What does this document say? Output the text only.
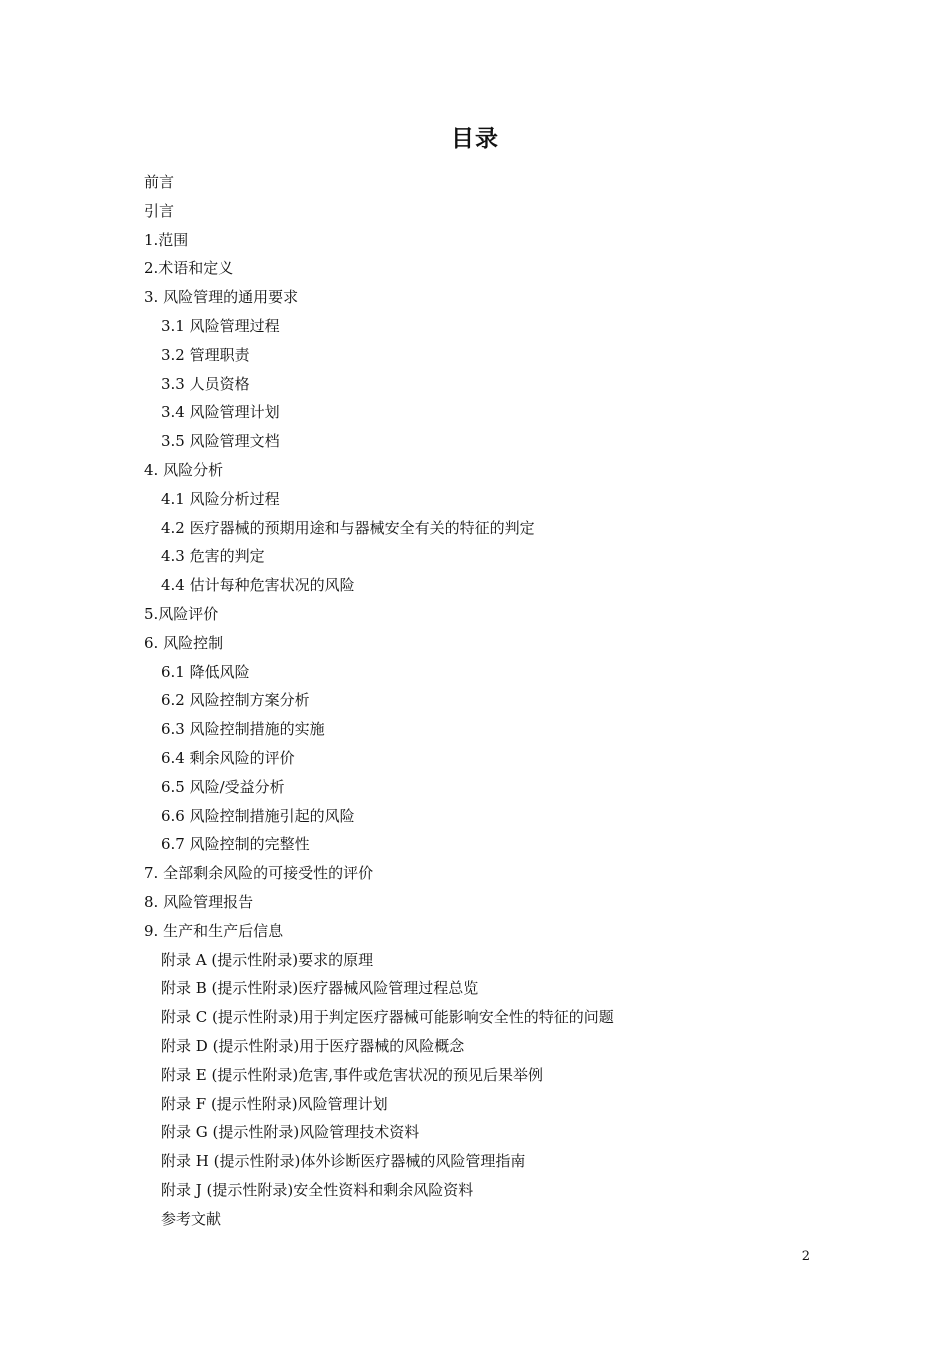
目录
前言
引言
1.范围
2.术语和定义
3. 风险管理的通用要求
3.1 风险管理过程
3.2 管理职责
3.3 人员资格
3.4 风险管理计划
3.5 风险管理文档
4. 风险分析
4.1 风险分析过程
4.2 医疗器械的预期用途和与器械安全有关的特征的判定
4.3 危害的判定
4.4 估计每种危害状况的风险
5.风险评价
6. 风险控制
6.1 降低风险
6.2 风险控制方案分析
6.3 风险控制措施的实施
6.4 剩余风险的评价
6.5 风险/受益分析
6.6 风险控制措施引起的风险
6.7 风险控制的完整性
7. 全部剩余风险的可接受性的评价
8. 风险管理报告
9. 生产和生产后信息
附录 A (提示性附录)要求的原理
附录 B (提示性附录)医疗器械风险管理过程总览
附录 C (提示性附录)用于判定医疗器械可能影响安全性的特征的问题
附录 D (提示性附录)用于医疗器械的风险概念
附录 E (提示性附录)危害,事件或危害状况的预见后果举例
附录 F (提示性附录)风险管理计划
附录 G (提示性附录)风险管理技术资料
附录 H (提示性附录)体外诊断医疗器械的风险管理指南
附录 J (提示性附录)安全性资料和剩余风险资料
参考文献
2
